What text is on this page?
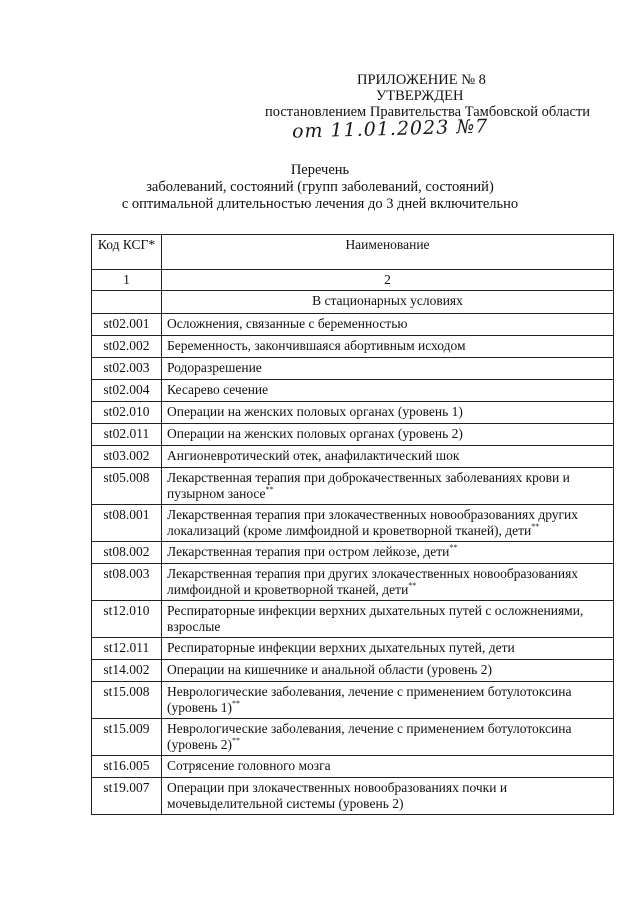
ПРИЛОЖЕНИЕ № 8
УТВЕРЖДЕН
постановлением Правительства Тамбовской области
от 11.01.2023 №7
Перечень
заболеваний, состояний (групп заболеваний, состояний)
с оптимальной длительностью лечения до 3 дней включительно
Код КСГ*	Наименование
1	2
	В стационарных условиях
st02.001	Осложнения, связанные с беременностью
st02.002	Беременность, закончившаяся абортивным исходом
st02.003	Родоразрешение
st02.004	Кесарево сечение
st02.010	Операции на женских половых органах (уровень 1)
st02.011	Операции на женских половых органах (уровень 2)
st03.002	Ангионевротический отек, анафилактический шок
st05.008	Лекарственная терапия при доброкачественных заболеваниях крови и пузырном заносе**
st08.001	Лекарственная терапия при злокачественных новообразованиях других локализаций (кроме лимфоидной и кроветворной тканей), дети**
st08.002	Лекарственная терапия при остром лейкозе, дети**
st08.003	Лекарственная терапия при других злокачественных новообразованиях лимфоидной и кроветворной тканей, дети**
st12.010	Респираторные инфекции верхних дыхательных путей с осложнениями, взрослые
st12.011	Респираторные инфекции верхних дыхательных путей, дети
st14.002	Операции на кишечнике и анальной области (уровень 2)
st15.008	Неврологические заболевания, лечение с применением ботулотоксина (уровень 1)**
st15.009	Неврологические заболевания, лечение с применением ботулотоксина (уровень 2)**
st16.005	Сотрясение головного мозга
st19.007	Операции при злокачественных новообразованиях почки и мочевыделительной системы (уровень 2)
